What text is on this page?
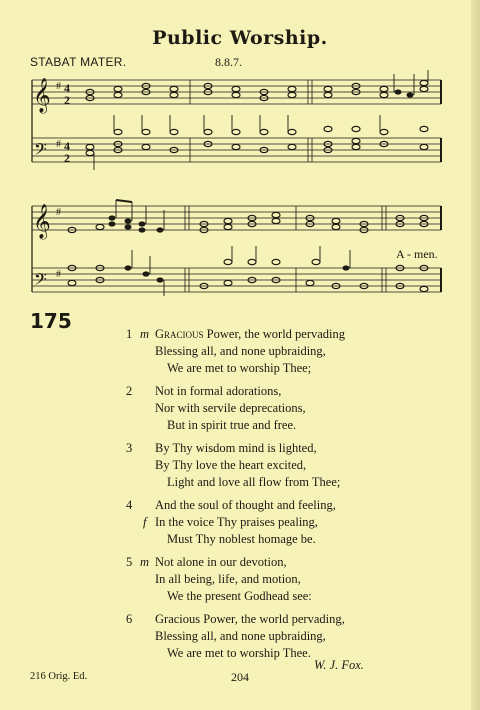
Public Worship.
STABAT MATER.	8.8.7.
𝄞
𝄢
#
#
4
2
4
2
𝄞
𝄢
#
#
A - men.
175
1 m Gracious Power, the world pervading
Blessing all, and none upbraiding,
We are met to worship Thee;
2 Not in formal adorations,
Nor with servile deprecations,
But in spirit true and free.
3 By Thy wisdom mind is lighted,
By Thy love the heart excited,
Light and love all flow from Thee;
4 And the soul of thought and feeling,
f In the voice Thy praises pealing,
Must Thy noblest homage be.
5 m Not alone in our devotion,
In all being, life, and motion,
We the present Godhead see:
6 Gracious Power, the world pervading,
Blessing all, and none upbraiding,
We are met to worship Thee.
W. J. Fox.
216 Orig. Ed.	204
